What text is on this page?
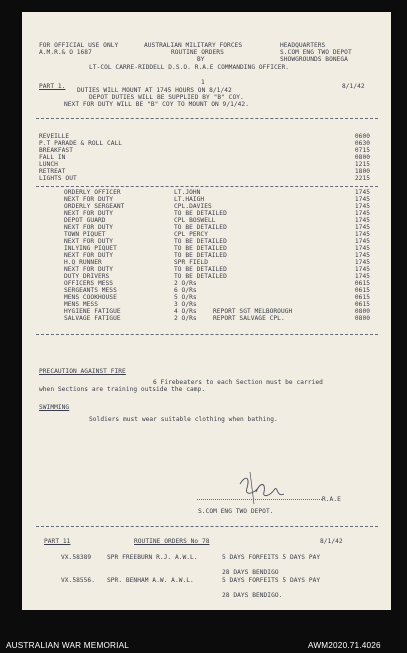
FOR OFFICIAL USE ONLY
A.M.R.& O 1687
AUSTRALIAN MILITARY FORCES
ROUTINE ORDERS
BY
HEADQUARTERS
S.COM ENG TWO DEPOT
SHOWGROUNDS BONEGA
LT-COL CARRE-RIDDELL D.S.O. R.A.E COMMANDING OFFICER.
PART 1.
1
8/1/42
DUTIES WILL MOUNT AT 1745 HOURS ON 8/1/42
DEPOT DUTIES WILL BE SUPPLIED BY "B" COY.
NEXT FOR DUTY WILL BE "B" COY TO MOUNT ON 9/1/42.
REVEILLE	0600
P.T PARADE & ROLL CALL	0630
BREAKFAST	0715
FALL IN	0800
LUNCH	1215
RETREAT	1800
LIGHTS OUT	2215
ORDERLY OFFICER	LT.JOHN	1745
NEXT FOR DUTY	LT.HAIGH	1745
ORDERLY SERGEANT	CPL.DAVIES	1745
NEXT FOR DUTY	TO BE DETAILED	1745
DEPOT GUARD	CPL BOSWELL	1745
NEXT FOR DUTY	TO BE DETAILED	1745
TOWN PIQUET	CPL PERCY	1745
NEXT FOR DUTY	TO BE DETAILED	1745
INLYING PIQUET	TO BE DETAILED	1745
NEXT FOR DUTY	TO BE DETAILED	1745
H.Q RUNNER	SPR FIELD	1745
NEXT FOR DUTY	TO BE DETAILED	1745
DUTY DRIVERS	TO BE DETAILED	1745
OFFICERS MESS	2 O/Rs	0615
SERGEANTS MESS	6 O/Rs	0615
MENS COOKHOUSE	5 O/Rs	0615
MENS MESS	3 O/Rs	0615
HYGIENE FATIGUE	4 O/Rs	REPORT SGT MELBOROUGH	0800
SALVAGE FATIGUE	2 O/Rs	REPORT SALVAGE CPL.	0800
PRECAUTION AGAINST FIRE
6 Firebeaters to each Section must be carried
when Sections are training outside the camp.
SWIMMING
Soldiers must wear suitable clothing when bathing.
R.A.E
S.COM ENG TWO DEPOT.
PART 11	ROUTINE ORDERS No 78	8/1/42
VX.58389	SPR FREEBURN R.J. A.W.L.	5 DAYS FORFEITS 5 DAYS PAY
28 DAYS BENDIGO
VX.58556. SPR. BENHAM A.W. A.W.L.	5 DAYS FORFEITS 5 DAYS PAY
28 DAYS BENDIGO.
AUSTRALIAN WAR MEMORIAL	AWM2020.71.4026
